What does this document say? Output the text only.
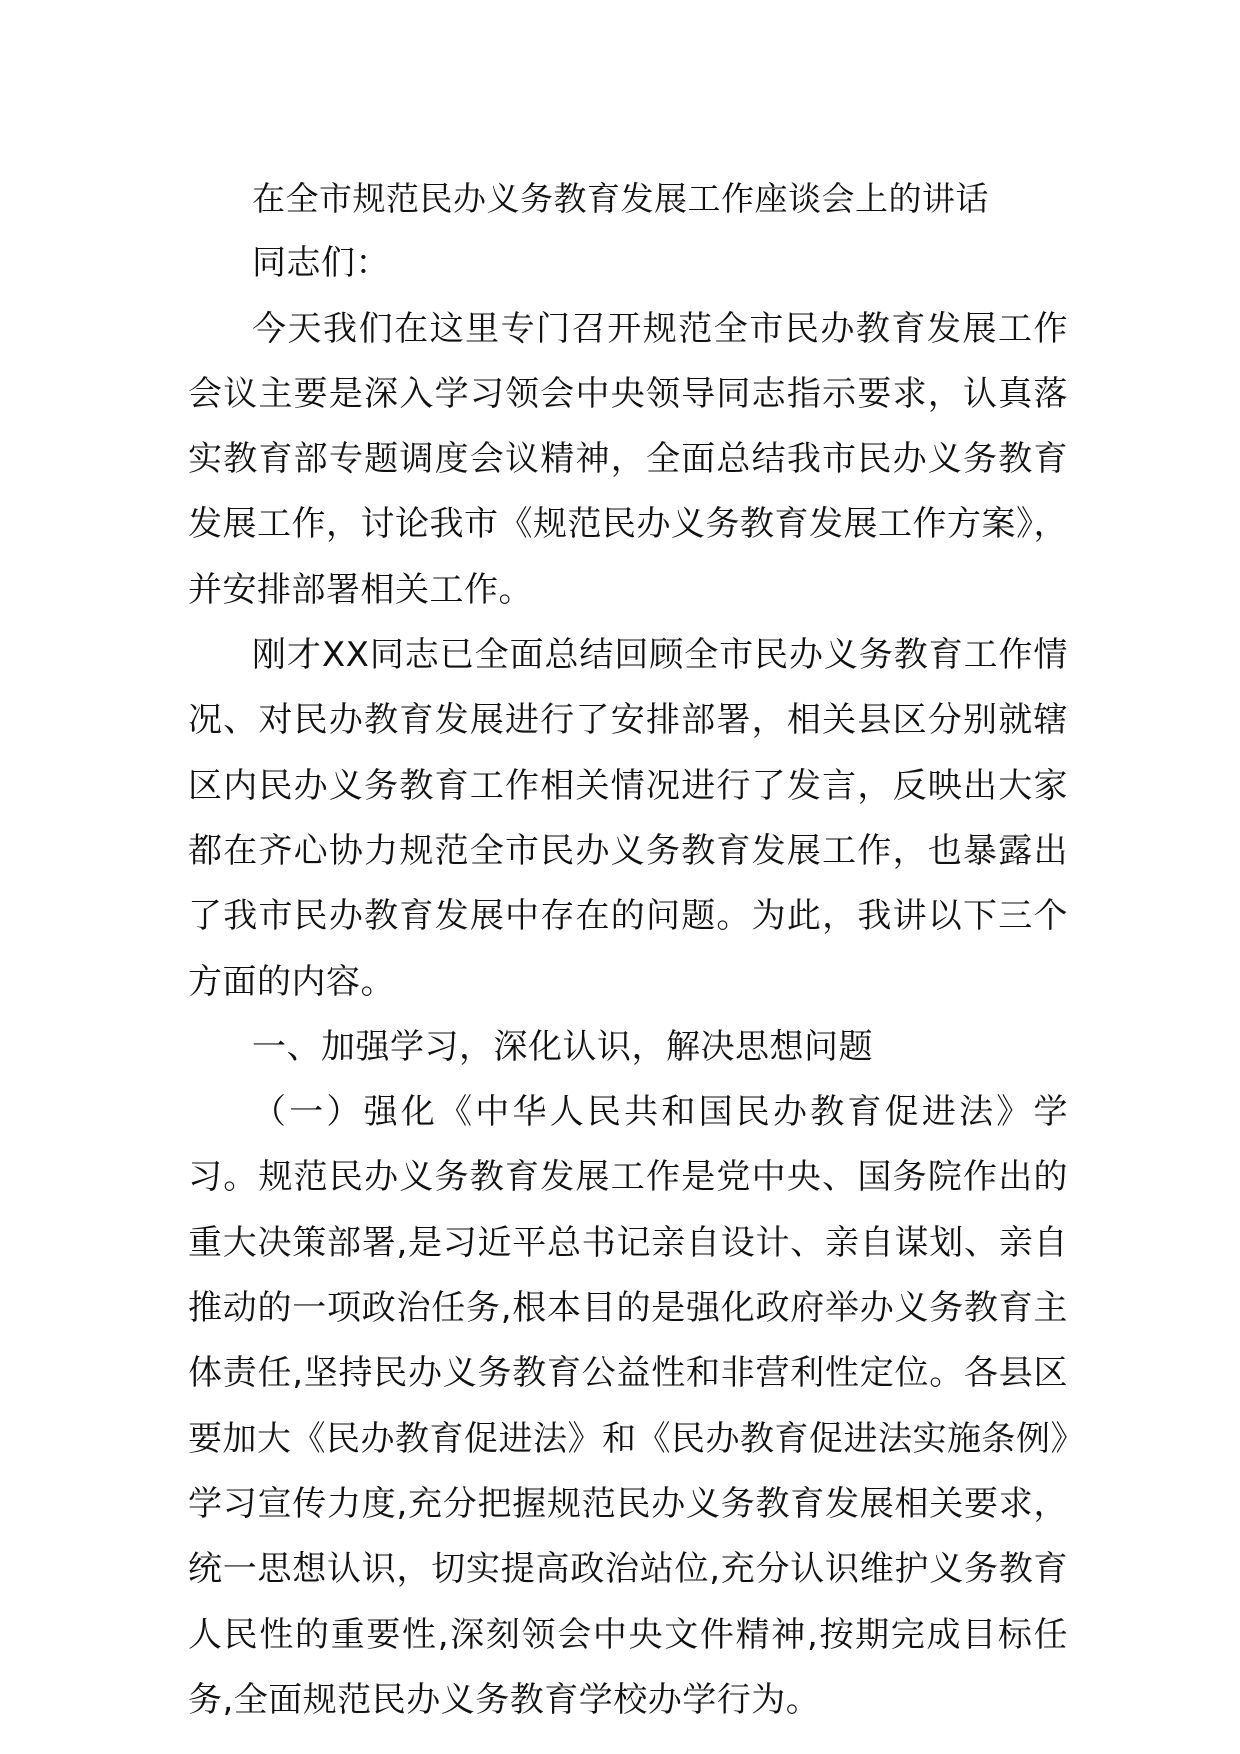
在全市规范民办义务教育发展工作座谈会上的讲话

同志们：

今天我们在这里专门召开规范全市民办教育发展工作会议主要是深入学习领会中央领导同志指示要求，认真落实教育部专题调度会议精神，全面总结我市民办义务教育发展工作，讨论我市《规范民办义务教育发展工作方案》，并安排部署相关工作。

刚才XX同志已全面总结回顾全市民办义务教育工作情况、对民办教育发展进行了安排部署，相关县区分别就辖区内民办义务教育工作相关情况进行了发言，反映出大家都在齐心协力规范全市民办义务教育发展工作，也暴露出了我市民办教育发展中存在的问题。为此，我讲以下三个方面的内容。

一、加强学习，深化认识，解决思想问题

（一）强化《中华人民共和国民办教育促进法》学习。规范民办义务教育发展工作是党中央、国务院作出的重大决策部署,是习近平总书记亲自设计、亲自谋划、亲自推动的一项政治任务,根本目的是强化政府举办义务教育主体责任,坚持民办义务教育公益性和非营利性定位。各县区要加大《民办教育促进法》和《民办教育促进法实施条例》学习宣传力度,充分把握规范民办义务教育发展相关要求，统一思想认识，切实提高政治站位,充分认识维护义务教育人民性的重要性,深刻领会中央文件精神,按期完成目标任务,全面规范民办义务教育学校办学行为。
